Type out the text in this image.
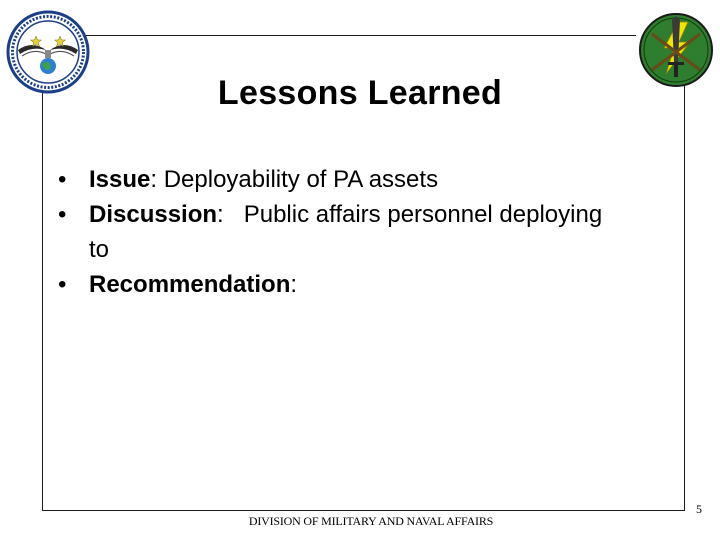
Lessons Learned
• Issue: Deployability of PA assets
• Discussion:   Public affairs personnel deploying to
• Recommendation:
DIVISION OF MILITARY AND NAVAL AFFAIRS
5
